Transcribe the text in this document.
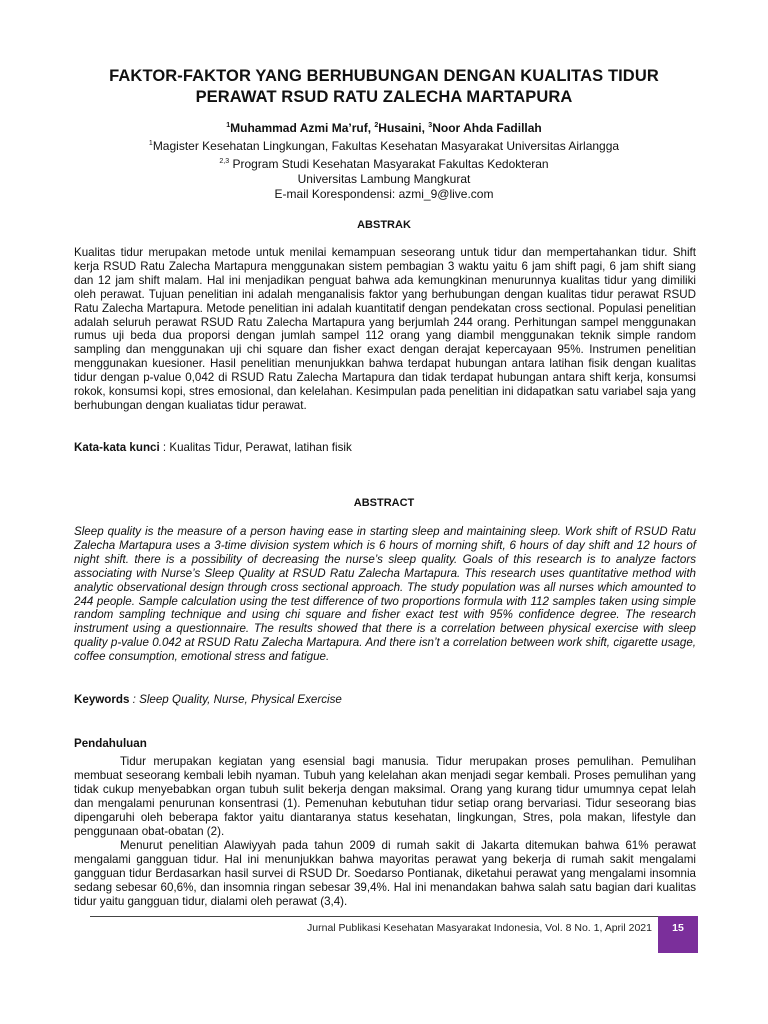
FAKTOR-FAKTOR YANG BERHUBUNGAN DENGAN KUALITAS TIDUR
PERAWAT RSUD RATU ZALECHA MARTAPURA
$^1$Muhammad Azmi Ma’ruf, $^2$Husaini, $^3$Noor Ahda Fadillah
$^1$Magister Kesehatan Lingkungan, Fakultas Kesehatan Masyarakat Universitas Airlangga
$^{2,3}$ Program Studi Kesehatan Masyarakat Fakultas Kedokteran
Universitas Lambung Mangkurat
E-mail Korespondensi: azmi_9@live.com
ABSTRAK
Kualitas tidur merupakan metode untuk menilai kemampuan seseorang untuk tidur dan mempertahankan tidur. Shift kerja RSUD Ratu Zalecha Martapura menggunakan sistem pembagian 3 waktu yaitu 6 jam shift pagi, 6 jam shift siang dan 12 jam shift malam. Hal ini menjadikan penguat bahwa ada kemungkinan menurunnya kualitas tidur yang dimiliki oleh perawat. Tujuan penelitian ini adalah menganalisis faktor yang berhubungan dengan kualitas tidur perawat RSUD Ratu Zalecha Martapura. Metode penelitian ini adalah kuantitatif dengan pendekatan cross sectional. Populasi penelitian adalah seluruh perawat RSUD Ratu Zalecha Martapura yang berjumlah 244 orang. Perhitungan sampel menggunakan rumus uji beda dua proporsi dengan jumlah sampel 112 orang yang diambil menggunakan teknik simple random sampling dan menggunakan uji chi square dan fisher exact dengan derajat kepercayaan 95%. Instrumen penelitian menggunakan kuesioner. Hasil penelitian menunjukkan bahwa terdapat hubungan antara latihan fisik dengan kualitas tidur dengan p-value 0,042 di RSUD Ratu Zalecha Martapura dan tidak terdapat hubungan antara shift kerja, konsumsi rokok, konsumsi kopi, stres emosional, dan kelelahan. Kesimpulan pada penelitian ini didapatkan satu variabel saja yang berhubungan dengan kualiatas tidur perawat.
Kata-kata kunci : Kualitas Tidur, Perawat, latihan fisik
ABSTRACT
Sleep quality is the measure of a person having ease in starting sleep and maintaining sleep. Work shift of RSUD Ratu Zalecha Martapura uses a 3-time division system which is 6 hours of morning shift, 6 hours of day shift and 12 hours of night shift. there is a possibility of decreasing the nurse’s sleep quality. Goals of this research is to analyze factors associating with Nurse’s Sleep Quality at RSUD Ratu Zalecha Martapura. This research uses quantitative method with analytic observational design through cross sectional approach. The study population was all nurses which amounted to 244 people. Sample calculation using the test difference of two proportions formula with 112 samples taken using simple random sampling technique and using chi square and fisher exact test with 95% confidence degree. The research instrument using a questionnaire. The results showed that there is a correlation between physical exercise with sleep quality p-value 0.042 at RSUD Ratu Zalecha Martapura. And there isn’t a correlation between work shift, cigarette usage, coffee consumption, emotional stress and fatigue.
Keywords : Sleep Quality, Nurse, Physical Exercise
Pendahuluan
Tidur merupakan kegiatan yang esensial bagi manusia. Tidur merupakan proses pemulihan. Pemulihan membuat seseorang kembali lebih nyaman. Tubuh yang kelelahan akan menjadi segar kembali. Proses pemulihan yang tidak cukup menyebabkan organ tubuh sulit bekerja dengan maksimal. Orang yang kurang tidur umumnya cepat lelah dan mengalami penurunan konsentrasi (1). Pemenuhan kebutuhan tidur setiap orang bervariasi. Tidur seseorang bias dipengaruhi oleh beberapa faktor yaitu diantaranya status kesehatan, lingkungan, Stres, pola makan, lifestyle dan penggunaan obat-obatan (2).
Menurut penelitian Alawiyyah pada tahun 2009 di rumah sakit di Jakarta ditemukan bahwa 61% perawat mengalami gangguan tidur. Hal ini menunjukkan bahwa mayoritas perawat yang bekerja di rumah sakit mengalami gangguan tidur Berdasarkan hasil survei di RSUD Dr. Soedarso Pontianak, diketahui perawat yang mengalami insomnia sedang sebesar 60,6%, dan insomnia ringan sebesar 39,4%. Hal ini menandakan bahwa salah satu bagian dari kualitas tidur yaitu gangguan tidur, dialami oleh perawat (3,4).
Jurnal Publikasi Kesehatan Masyarakat Indonesia, Vol. 8 No. 1, April 2021	15
